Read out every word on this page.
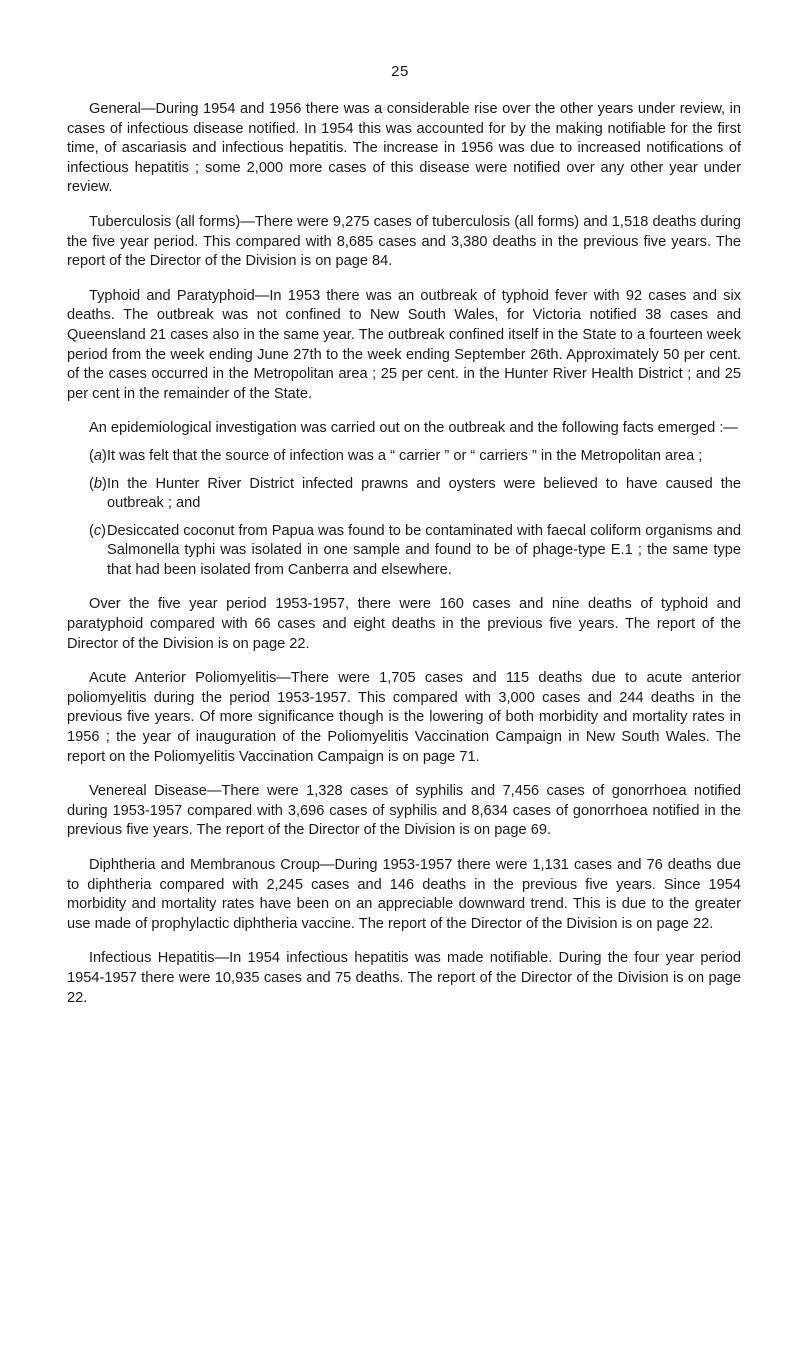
25

General—During 1954 and 1956 there was a considerable rise over the other years under review, in cases of infectious disease notified. In 1954 this was accounted for by the making notifiable for the first time, of ascariasis and infectious hepatitis. The increase in 1956 was due to increased notifications of infectious hepatitis ; some 2,000 more cases of this disease were notified over any other year under review.

Tuberculosis (all forms)—There were 9,275 cases of tuberculosis (all forms) and 1,518 deaths during the five year period. This compared with 8,685 cases and 3,380 deaths in the previous five years. The report of the Director of the Division is on page 84.

Typhoid and Paratyphoid—In 1953 there was an outbreak of typhoid fever with 92 cases and six deaths. The outbreak was not confined to New South Wales, for Victoria notified 38 cases and Queensland 21 cases also in the same year. The outbreak confined itself in the State to a fourteen week period from the week ending June 27th to the week ending September 26th. Approximately 50 per cent. of the cases occurred in the Metropolitan area ; 25 per cent. in the Hunter River Health District ; and 25 per cent in the remainder of the State.

An epidemiological investigation was carried out on the outbreak and the following facts emerged :—

(a) It was felt that the source of infection was a “ carrier ” or “ carriers ” in the Metropolitan area ;

(b) In the Hunter River District infected prawns and oysters were believed to have caused the outbreak ; and

(c) Desiccated coconut from Papua was found to be contaminated with faecal coliform organisms and Salmonella typhi was isolated in one sample and found to be of phage-type E.1 ; the same type that had been isolated from Canberra and elsewhere.

Over the five year period 1953-1957, there were 160 cases and nine deaths of typhoid and paratyphoid compared with 66 cases and eight deaths in the previous five years. The report of the Director of the Division is on page 22.

Acute Anterior Poliomyelitis—There were 1,705 cases and 115 deaths due to acute anterior poliomyelitis during the period 1953-1957. This compared with 3,000 cases and 244 deaths in the previous five years. Of more significance though is the lowering of both morbidity and mortality rates in 1956 ; the year of inauguration of the Poliomyelitis Vaccination Campaign in New South Wales. The report on the Poliomyelitis Vaccination Campaign is on page 71.

Venereal Disease—There were 1,328 cases of syphilis and 7,456 cases of gonorrhoea notified during 1953-1957 compared with 3,696 cases of syphilis and 8,634 cases of gonorrhoea notified in the previous five years. The report of the Director of the Division is on page 69.

Diphtheria and Membranous Croup—During 1953-1957 there were 1,131 cases and 76 deaths due to diphtheria compared with 2,245 cases and 146 deaths in the previous five years. Since 1954 morbidity and mortality rates have been on an appreciable downward trend. This is due to the greater use made of prophylactic diphtheria vaccine. The report of the Director of the Division is on page 22.

Infectious Hepatitis—In 1954 infectious hepatitis was made notifiable. During the four year period 1954-1957 there were 10,935 cases and 75 deaths. The report of the Director of the Division is on page 22.
